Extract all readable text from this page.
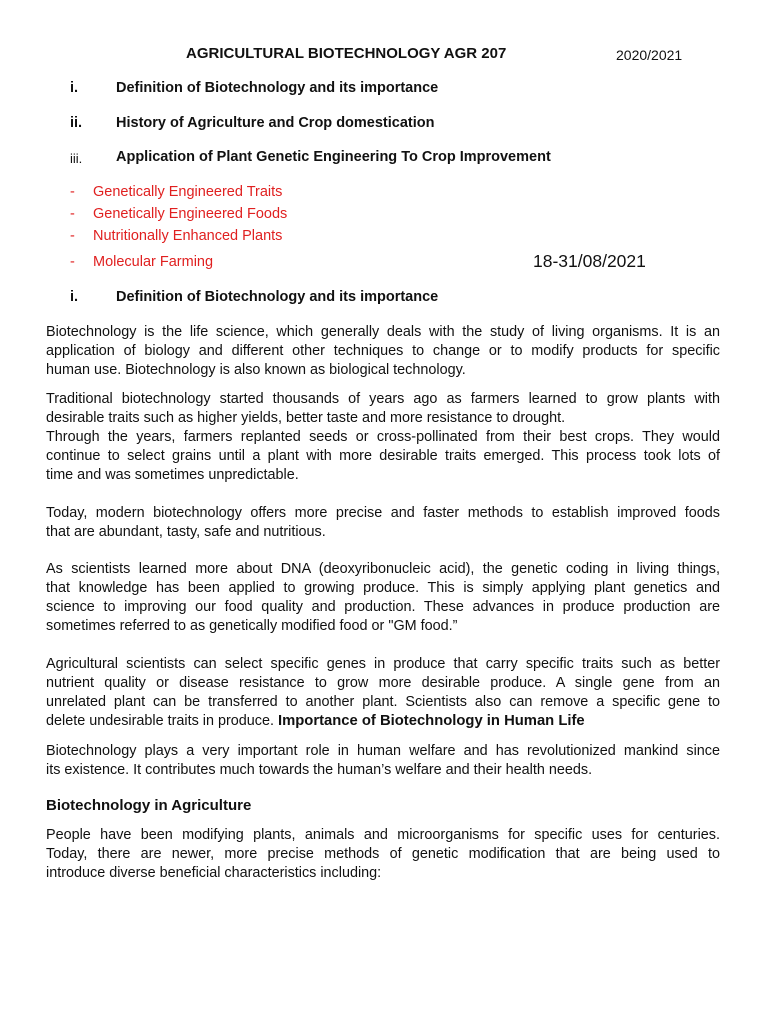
AGRICULTURAL BIOTECHNOLOGY AGR 207	2020/2021
i.	Definition of Biotechnology and its importance
ii. History of Agriculture and Crop domestication
iii. Application of Plant Genetic Engineering To Crop Improvement
- Genetically Engineered Traits
- Genetically Engineered Foods
- Nutritionally Enhanced Plants
- Molecular Farming	18-31/08/2021
i.	Definition of Biotechnology and its importance
Biotechnology is the life science, which generally deals with the study of living organisms. It is an
application of biology and different other techniques to change or to modify products for specific
human use. Biotechnology is also known as biological technology.
Traditional biotechnology started thousands of years ago as farmers learned to grow plants with
desirable traits such as higher yields, better taste and more resistance to drought.
Through the years, farmers replanted seeds or cross-pollinated from their best crops. They would
continue to select grains until a plant with more desirable traits emerged. This process took lots of
time and was sometimes unpredictable.
Today, modern biotechnology offers more precise and faster methods to establish improved foods
that are abundant, tasty, safe and nutritious.
As scientists learned more about DNA (deoxyribonucleic acid), the genetic coding in living things,
that knowledge has been applied to growing produce. This is simply applying plant genetics and
science to improving our food quality and production. These advances in produce production are
sometimes referred to as genetically modified food or "GM food.”
Agricultural scientists can select specific genes in produce that carry specific traits such as better
nutrient quality or disease resistance to grow more desirable produce. A single gene from an
unrelated plant can be transferred to another plant. Scientists also can remove a specific gene to
delete undesirable traits in produce. Importance of Biotechnology in Human Life
Biotechnology plays a very important role in human welfare and has revolutionized mankind since
its existence. It contributes much towards the human’s welfare and their health needs.
Biotechnology in Agriculture
People have been modifying plants, animals and microorganisms for specific uses for centuries.
Today, there are newer, more precise methods of genetic modification that are being used to
introduce diverse beneficial characteristics including:
